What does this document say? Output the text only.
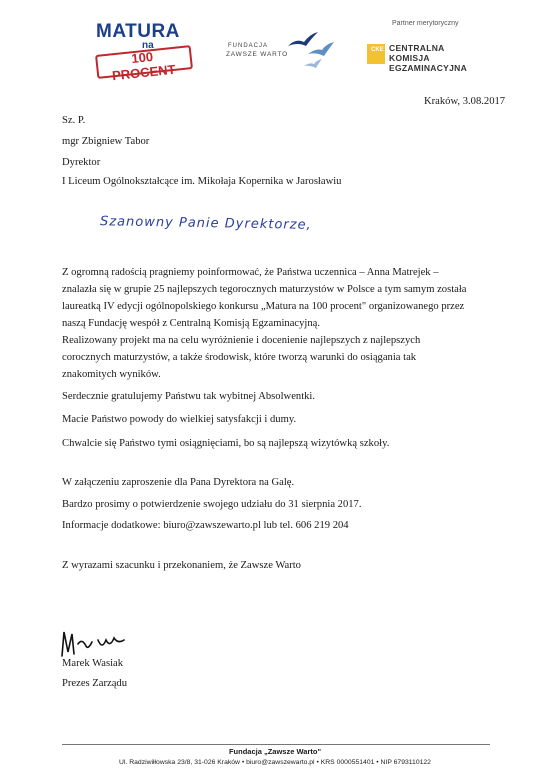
MATURA
na
100 PROCENT
FUNDACJA
ZAWSZE WARTO
Partner merytoryczny
CKE CENTRALNA
KOMISJA
EGZAMINACYJNA
Kraków, 3.08.2017
Sz. P.
mgr Zbigniew Tabor
Dyrektor
I Liceum Ogólnokształcące im. Mikołaja Kopernika w Jarosławiu
Szanowny Panie Dyrektorze,
Z ogromną radością pragniemy poinformować, że Państwa uczennica – Anna Matrejek –
znalazła się w grupie 25 najlepszych tegorocznych maturzystów w Polsce a tym samym została
laureatką IV edycji ogólnopolskiego konkursu „Matura na 100 procent" organizowanego przez
naszą Fundację wespół z Centralną Komisją Egzaminacyjną.
Realizowany projekt ma na celu wyróżnienie i docenienie najlepszych z najlepszych
corocznych maturzystów, a także środowisk, które tworzą warunki do osiągania tak
znakomitych wyników.
Serdecznie gratulujemy Państwu tak wybitnej Absolwentki.
Macie Państwo powody do wielkiej satysfakcji i dumy.
Chwalcie się Państwo tymi osiągnięciami, bo są najlepszą wizytówką szkoły.
W załączeniu zaproszenie dla Pana Dyrektora na Galę.
Bardzo prosimy o potwierdzenie swojego udziału do 31 sierpnia 2017.
Informacje dodatkowe: biuro@zawszewarto.pl lub tel. 606 219 204
Z wyrazami szacunku i przekonaniem, że Zawsze Warto
Marek Wasiak
Prezes Zarządu
Fundacja „Zawsze Warto"
Ul. Radziwiłłowska 23/8, 31-026 Kraków • biuro@zawszewarto.pl • KRS 0000551401 • NIP 6793110122
